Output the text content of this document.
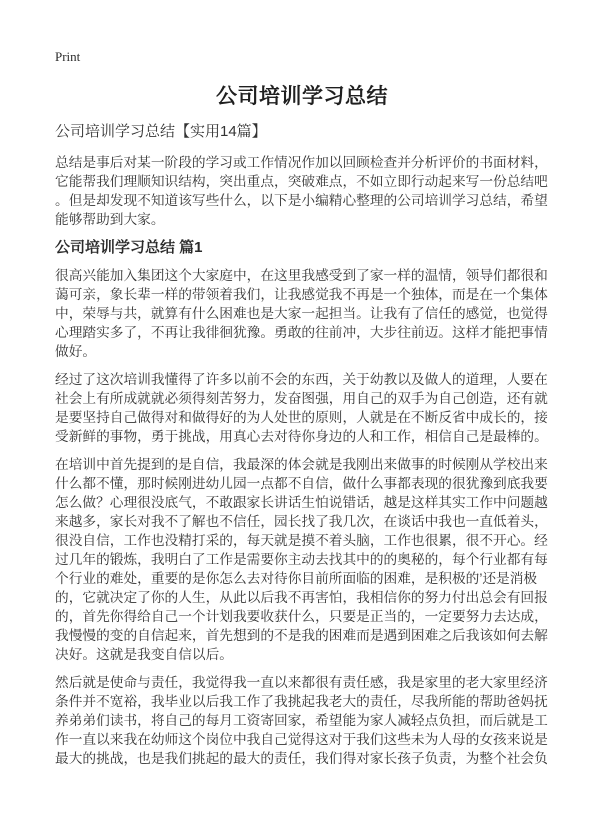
Print
公司培训学习总结
公司培训学习总结【实用14篇】

总结是事后对某一阶段的学习或工作情况作加以回顾检查并分析评价的书面材料，它能帮我们理顺知识结构，突出重点，突破难点，不如立即行动起来写一份总结吧。但是却发现不知道该写些什么，以下是小编精心整理的公司培训学习总结，希望能够帮助到大家。

公司培训学习总结 篇1

很高兴能加入集团这个大家庭中，在这里我感受到了家一样的温情，领导们都很和蔼可亲，象长辈一样的带领着我们，让我感觉我不再是一个独体，而是在一个集体中，荣辱与共，就算有什么困难也是大家一起担当。让我有了信任的感觉，也觉得心理踏实多了，不再让我徘徊犹豫。勇敢的往前冲，大步往前迈。这样才能把事情做好。

经过了这次培训我懂得了许多以前不会的东西，关于幼教以及做人的道理，人要在社会上有所成就就必须得刻苦努力，发奋图强，用自己的双手为自己创造，还有就是要坚持自己做得对和做得好的为人处世的原则，人就是在不断反省中成长的，接受新鲜的事物，勇于挑战，用真心去对待你身边的人和工作，相信自己是最棒的。

在培训中首先提到的是自信，我最深的体会就是我刚出来做事的时候刚从学校出来什么都不懂，那时候刚进幼儿园一点都不自信，做什么事都表现的很犹豫到底我要怎么做？心理很没底气，不敢跟家长讲话生怕说错话，越是这样其实工作中问题越来越多，家长对我不了解也不信任，园长找了我几次，在谈话中我也一直低着头，很没自信，工作也没精打采的，每天就是摸不着头脑，工作也很累，很不开心。经过几年的锻炼，我明白了工作是需要你主动去找其中的的奥秘的，每个行业都有每个行业的难处，重要的是你怎么去对待你目前所面临的困难，是积极的’还是消极的，它就决定了你的人生，从此以后我不再害怕，我相信你的努力付出总会有回报的，首先你得给自己一个计划我要收获什么，只要是正当的，一定要努力去达成，我慢慢的变的自信起来，首先想到的不是我的困难而是遇到困难之后我该如何去解决好。这就是我变自信以后。

然后就是使命与责任，我觉得我一直以来都很有责任感，我是家里的老大家里经济条件并不宽裕，我毕业以后我工作了我挑起我老大的责任，尽我所能的帮助爸妈抚养弟弟们读书，将自己的每月工资寄回家，希望能为家人减轻点负担，而后就是工作一直以来我在幼师这个岗位中我自己觉得这对于我们这些未为人母的女孩来说是最大的挑战，也是我们挑起的最大的责任，我们得对家长孩子负责，为整个社会负
